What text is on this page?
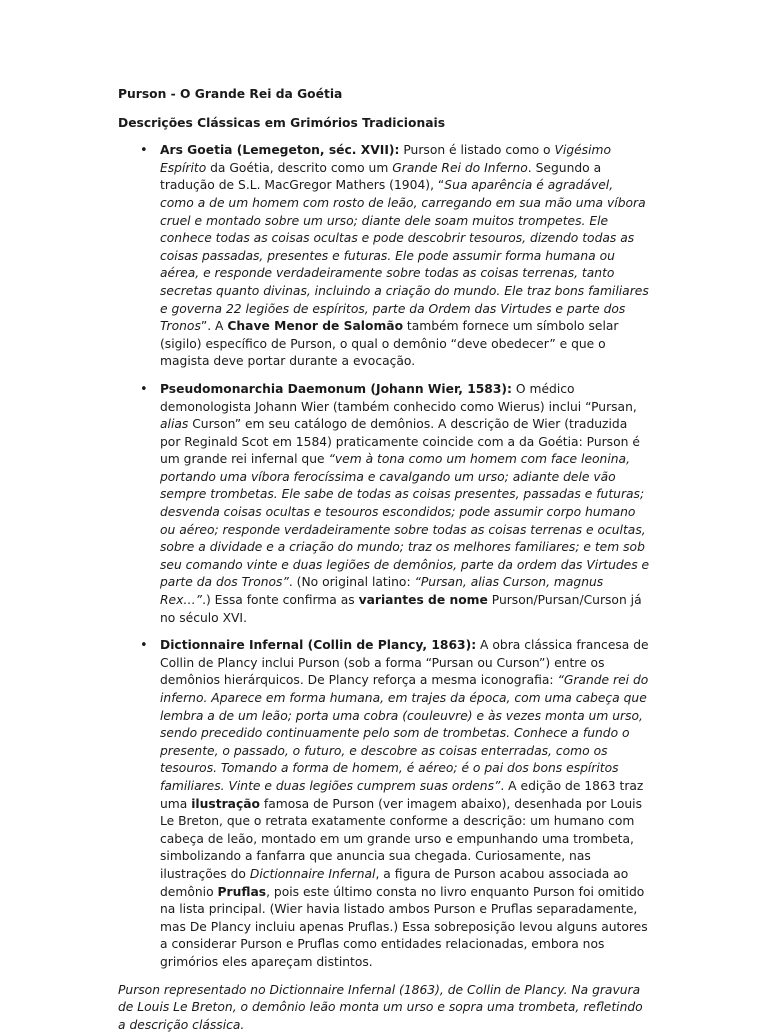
Purson - O Grande Rei da Goétia

Descrições Clássicas em Grimórios Tradicionais

• Ars Goetia (Lemegeton, séc. XVII): Purson é listado como o Vigésimo Espírito da Goétia, descrito como um Grande Rei do Inferno. Segundo a tradução de S.L. MacGregor Mathers (1904), “Sua aparência é agradável, como a de um homem com rosto de leão, carregando em sua mão uma víbora cruel e montado sobre um urso; diante dele soam muitos trompetes. Ele conhece todas as coisas ocultas e pode descobrir tesouros, dizendo todas as coisas passadas, presentes e futuras. Ele pode assumir forma humana ou aérea, e responde verdadeiramente sobre todas as coisas terrenas, tanto secretas quanto divinas, incluindo a criação do mundo. Ele traz bons familiares e governa 22 legiões de espíritos, parte da Ordem das Virtudes e parte dos Tronos”. A Chave Menor de Salomão também fornece um símbolo selar (sigilo) específico de Purson, o qual o demônio “deve obedecer” e que o magista deve portar durante a evocação.
• Pseudomonarchia Daemonum (Johann Wier, 1583): O médico demonologista Johann Wier (também conhecido como Wierus) inclui “Pursan, alias Curson” em seu catálogo de demônios. A descrição de Wier (traduzida por Reginald Scot em 1584) praticamente coincide com a da Goétia: Purson é um grande rei infernal que “vem à tona como um homem com face leonina, portando uma víbora ferocíssima e cavalgando um urso; adiante dele vão sempre trombetas. Ele sabe de todas as coisas presentes, passadas e futuras; desvenda coisas ocultas e tesouros escondidos; pode assumir corpo humano ou aéreo; responde verdadeiramente sobre todas as coisas terrenas e ocultas, sobre a dividade e a criação do mundo; traz os melhores familiares; e tem sob seu comando vinte e duas legiões de demônios, parte da ordem das Virtudes e parte da dos Tronos”. (No original latino: “Pursan, alias Curson, magnus Rex…”.) Essa fonte confirma as variantes de nome Purson/Pursan/Curson já no século XVI.
• Dictionnaire Infernal (Collin de Plancy, 1863): A obra clássica francesa de Collin de Plancy inclui Purson (sob a forma “Pursan ou Curson”) entre os demônios hierárquicos. De Plancy reforça a mesma iconografia: “Grande rei do inferno. Aparece em forma humana, em trajes da época, com uma cabeça que lembra a de um leão; porta uma cobra (couleuvre) e às vezes monta um urso, sendo precedido continuamente pelo som de trombetas. Conhece a fundo o presente, o passado, o futuro, e descobre as coisas enterradas, como os tesouros. Tomando a forma de homem, é aéreo; é o pai dos bons espíritos familiares. Vinte e duas legiões cumprem suas ordens”. A edição de 1863 traz uma ilustração famosa de Purson (ver imagem abaixo), desenhada por Louis Le Breton, que o retrata exatamente conforme a descrição: um humano com cabeça de leão, montado em um grande urso e empunhando uma trombeta, simbolizando a fanfarra que anuncia sua chegada. Curiosamente, nas ilustrações do Dictionnaire Infernal, a figura de Purson acabou associada ao demônio Pruflas, pois este último consta no livro enquanto Purson foi omitido na lista principal. (Wier havia listado ambos Purson e Pruflas separadamente, mas De Plancy incluiu apenas Pruflas.) Essa sobreposição levou alguns autores a considerar Purson e Pruflas como entidades relacionadas, embora nos grimórios eles apareçam distintos.

Purson representado no Dictionnaire Infernal (1863), de Collin de Plancy. Na gravura de Louis Le Breton, o demônio leão monta um urso e sopra uma trombeta, refletindo a descrição clássica.
